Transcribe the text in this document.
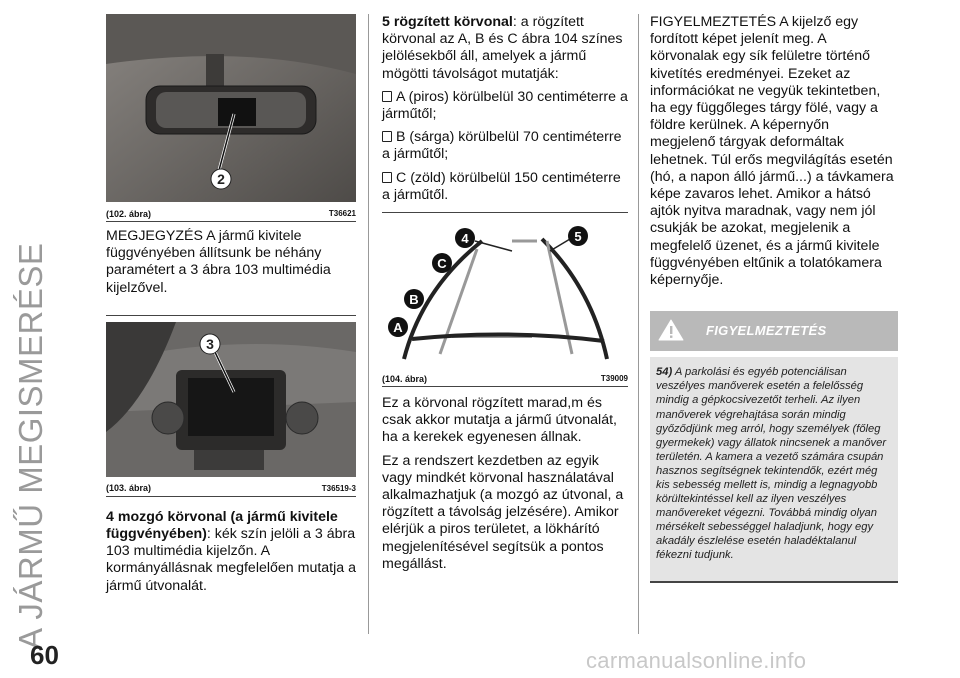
A JÁRMŰ MEGISMERÉSE
2
(102. ábra)	T36621

MEGJEGYZÉS A jármű kivitele függvényében állítsunk be néhány paramétert a 3 ábra 103 multimédia kijelzővel.

3
(103. ábra)	T36519-3

4 mozgó körvonal (a jármű kivitele függvényében): kék szín jelöli a 3 ábra 103 multimédia kijelzőn. A kormányállásnak megfelelően mutatja a jármű útvonalát.

5 rögzített körvonal: a rögzített körvonal az A, B és C ábra 104 színes jelölésekből áll, amelyek a jármű mögötti távolságot mutatják:

A (piros) körülbelül 30 centiméterre a járműtől;

B (sárga) körülbelül 70 centiméterre a járműtől;

C (zöld) körülbelül 150 centiméterre a járműtől.

4	5
C
B
A
(104. ábra)	T39009

Ez a körvonal rögzített marad,m és csak akkor mutatja a jármű útvonalát, ha a kerekek egyenesen állnak.

Ez a rendszert kezdetben az egyik vagy mindkét körvonal használatával alkalmazhatjuk (a mozgó az útvonal, a rögzített a távolság jelzésére). Amikor elérjük a piros területet, a lökhárító megjelenítésével segítsük a pontos megállást.

FIGYELMEZTETÉS A kijelző egy fordított képet jelenít meg. A körvonalak egy sík felületre történő kivetítés eredményei. Ezeket az információkat ne vegyük tekintetben, ha egy függőleges tárgy fölé, vagy a földre kerülnek. A képernyőn megjelenő tárgyak deformáltak lehetnek. Túl erős megvilágítás esetén (hó, a napon álló jármű...) a távkamera képe zavaros lehet. Amikor a hátsó ajtók nyitva maradnak, vagy nem jól csukják be azokat, megjelenik a megfelelő üzenet, és a jármű kivitele függvényében eltűnik a tolatókamera képernyője.

FIGYELMEZTETÉS
54) A parkolási és egyéb potenciálisan veszélyes manőverek esetén a felelősség mindig a gépkocsivezetőt terheli. Az ilyen manőverek végrehajtása során mindig győződjünk meg arról, hogy személyek (főleg gyermekek) vagy állatok nincsenek a manőver területén. A kamera a vezető számára csupán hasznos segítségnek tekintendők, ezért még kis sebesség mellett is, mindig a legnagyobb körültekintéssel kell az ilyen veszélyes manővereket végezni. Továbbá mindig olyan mérsékelt sebességgel haladjunk, hogy egy akadály észlelése esetén haladéktalanul fékezni tudjunk.
60	carmanualsonline.info
